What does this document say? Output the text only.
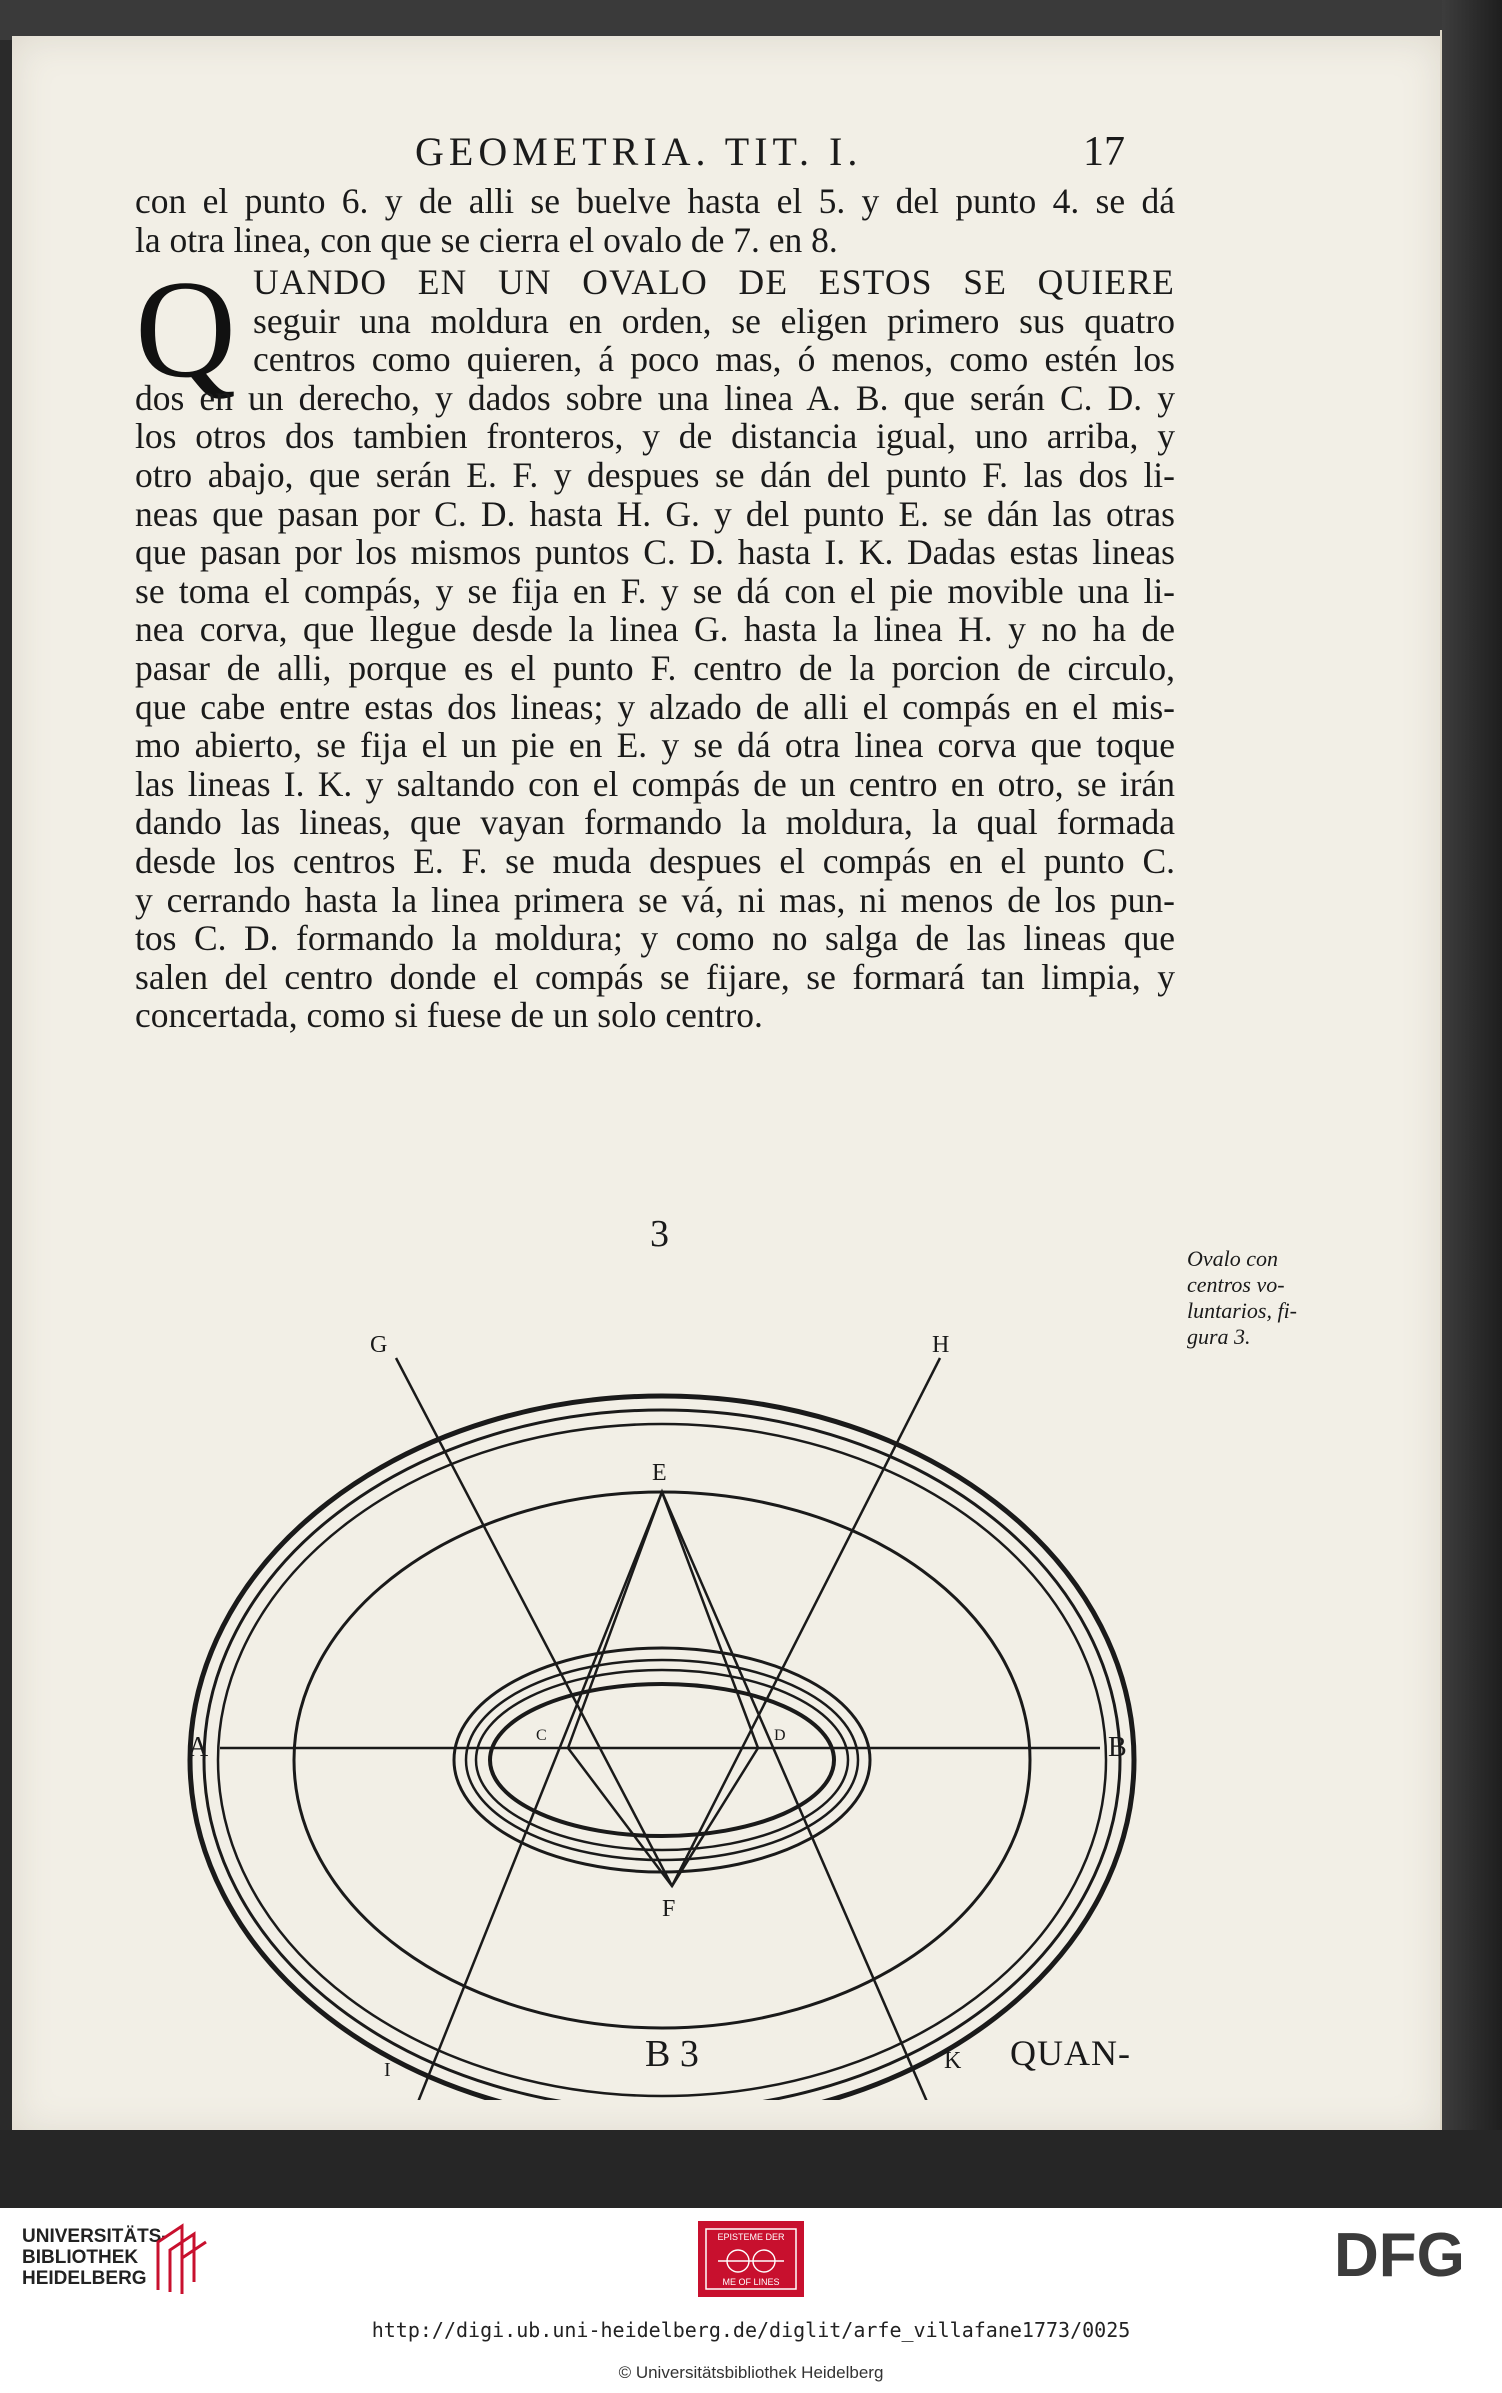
GEOMETRIA. TIT. I.	17
con el punto 6. y de alli se buelve hasta el 5. y del punto 4. se dá
la otra linea, con que se cierra el ovalo de 7. en 8.
Q UANDO EN UN OVALO DE ESTOS SE QUIERE
seguir una moldura en orden, se eligen primero sus quatro
centros como quieren, á poco mas, ó menos, como estén los
dos en un derecho, y dados sobre una linea A. B. que serán C. D. y
los otros dos tambien fronteros, y de distancia igual, uno arriba, y
otro abajo, que serán E. F. y despues se dán del punto F. las dos li-
neas que pasan por C. D. hasta H. G. y del punto E. se dán las otras
que pasan por los mismos puntos C. D. hasta I. K. Dadas estas lineas
se toma el compás, y se fija en F. y se dá con el pie movible una li-
nea corva, que llegue desde la linea G. hasta la linea H. y no ha de
pasar de alli, porque es el punto F. centro de la porcion de circulo,
que cabe entre estas dos lineas; y alzado de alli el compás en el mis-
mo abierto, se fija el un pie en E. y se dá otra linea corva que toque
las lineas I. K. y saltando con el compás de un centro en otro, se irán
dando las lineas, que vayan formando la moldura, la qual formada
desde los centros E. F. se muda despues el compás en el punto C.
y cerrando hasta la linea primera se vá, ni mas, ni menos de los pun-
tos C. D. formando la moldura; y como no salga de las lineas que
salen del centro donde el compás se fijare, se formará tan limpia, y
concertada, como si fuese de un solo centro.
3
Ovalo con
centros vo-
luntarios, fi-
gura 3.
G	H
E
A	B
C	D
F
I	K
B 3	QUAN-
UNIVERSITÄTS-
BIBLIOTHEK
HEIDELBERG
EPISTEME DER
ME OF LINES	DFG
http://digi.ub.uni-heidelberg.de/diglit/arfe_villafane1773/0025
© Universitätsbibliothek Heidelberg
